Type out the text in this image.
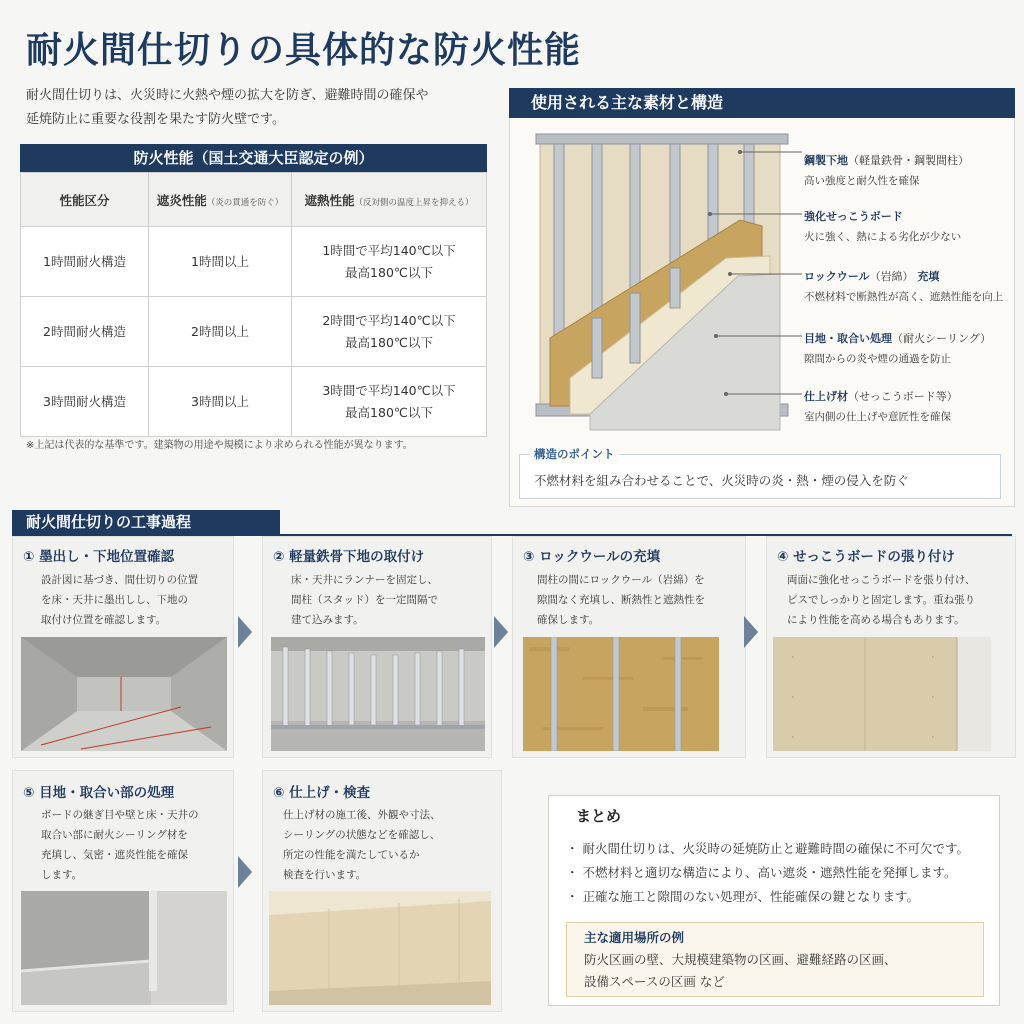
耐火間仕切りの具体的な防火性能
耐火間仕切りは、火災時に火熱や煙の拡大を防ぎ、避難時間の確保や
延焼防止に重要な役割を果たす防火壁です。
防火性能（国土交通大臣認定の例）
性能区分	遮炎性能（炎の貫通を防ぐ）	遮熱性能（反対側の温度上昇を抑える）
1時間耐火構造	1時間以上	1時間で平均140℃以下
最高180℃以下

2時間耐火構造	2時間以上	2時間で平均140℃以下
最高180℃以下

3時間耐火構造	3時間以上	3時間で平均140℃以下
最高180℃以下
※上記は代表的な基準です。建築物の用途や規模により求められる性能が異なります。
使用される主な素材と構造
鋼製下地（軽量鉄骨・鋼製間柱）
高い強度と耐久性を確保
強化せっこうボード
火に強く、熱による劣化が少ない
ロックウール（岩綿） 充填
不燃材料で断熱性が高く、遮熱性能を向上
目地・取合い処理（耐火シーリング）
隙間からの炎や煙の通過を防止
仕上げ材（せっこうボード等）
室内側の仕上げや意匠性を確保
構造のポイント
不燃材料を組み合わせることで、火災時の炎・熱・煙の侵入を防ぐ
耐火間仕切りの工事過程
① 墨出し・下地位置確認
設計図に基づき、間仕切りの位置
を床・天井に墨出しし、下地の
取付け位置を確認します。
② 軽量鉄骨下地の取付け
床・天井にランナーを固定し、
間柱（スタッド）を一定間隔で
建て込みます。
③ ロックウールの充填
間柱の間にロックウール（岩綿）を
隙間なく充填し、断熱性と遮熱性を
確保します。
④ せっこうボードの張り付け
両面に強化せっこうボードを張り付け、
ビスでしっかりと固定します。重ね張り
により性能を高める場合もあります。
⑤ 目地・取合い部の処理
ボードの継ぎ目や壁と床・天井の
取合い部に耐火シーリング材を
充填し、気密・遮炎性能を確保
します。
⑥ 仕上げ・検査
仕上げ材の施工後、外観や寸法、
シーリングの状態などを確認し、
所定の性能を満たしているか
検査を行います。
まとめ
・ 耐火間仕切りは、火災時の延焼防止と避難時間の確保に不可欠です。
・ 不燃材料と適切な構造により、高い遮炎・遮熱性能を発揮します。
・ 正確な施工と隙間のない処理が、性能確保の鍵となります。
主な適用場所の例
防火区画の壁、大規模建築物の区画、避難経路の区画、
設備スペースの区画 など
